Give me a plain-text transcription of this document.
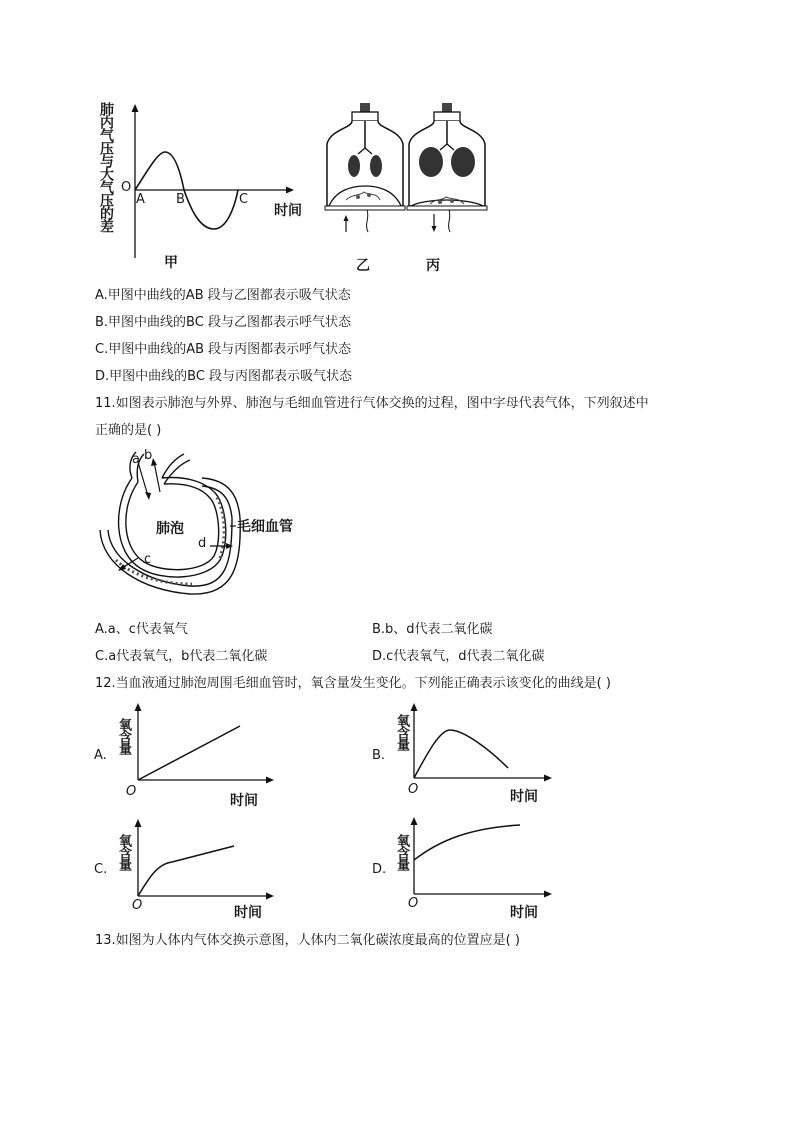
肺内气压与大气压的差 O
A B	C
时间
甲	乙	丙
A.甲图中曲线的AB 段与乙图都表示吸气状态
B.甲图中曲线的BC 段与乙图都表示呼气状态
C.甲图中曲线的AB 段与丙图都表示呼气状态
D.甲图中曲线的BC 段与丙图都表示吸气状态
11.如图表示肺泡与外界、肺泡与毛细血管进行气体交换的过程，图中字母代表气体，下列叙述中
正确的是( )
a b
c
d
肺泡	毛细血管
A.a、c代表氧气	B.b、d代表二氧化碳
C.a代表氧气，b代表二氧化碳	D.c代表氧气，d代表二氧化碳
12.当血液通过肺泡周围毛细血管时，氧含量发生变化。下列能正确表示该变化的曲线是( )
A.
氧含量
O
时间
B.
氧含量
O	时间
C. 氧含量
O	时间
D. 氧含量
O
时间
13.如图为人体内气体交换示意图，人体内二氧化碳浓度最高的位置应是( )
